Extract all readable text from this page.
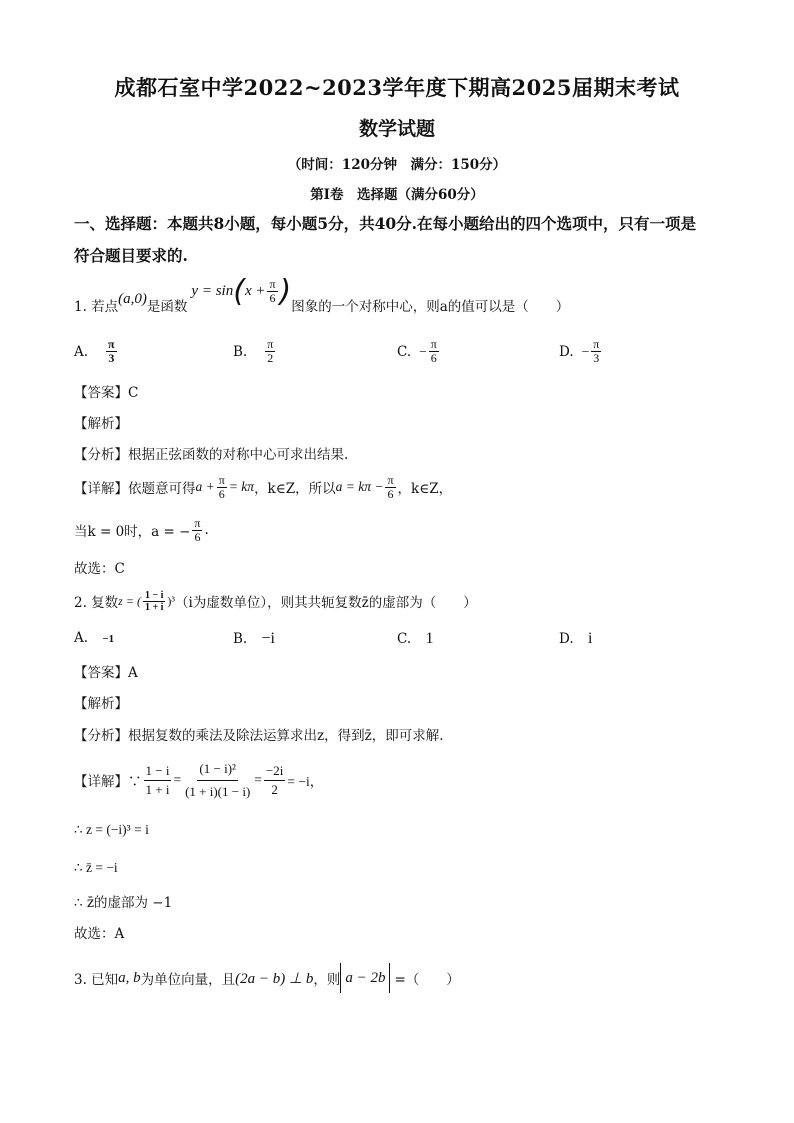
成都石室中学2022~2023学年度下期高2025届期末考试
数学试题
（时间：120分钟　满分：150分）
第Ⅰ卷　选择题（满分60分）
一、选择题：本题共8小题，每小题5分，共40分.在每小题给出的四个选项中，只有一项是
符合题目要求的.
1. 若点
(a,0)
是函数
y = sin ( $x + \frac{\pi}{6}$ ) 图象的一个对称中心，则a的值可以是（　　）
A. $\frac{\pi}{3}$	B. $\frac{\pi}{2}$	C. − $\frac{\pi}{6}$	D. − $\frac{\pi}{3}$
【答案】C
【解析】
【分析】根据正弦函数的对称中心可求出结果.
【详解】依题意可得 $a + \frac{\pi}{6} = k\pi$ ，k∈Z，所以 $a = k\pi - \frac{\pi}{6}$ ，k∈Z，
当k = 0时，a = − $\frac{\pi}{6}$ .
故选：C
2. 复数 z = ( $\frac{1 - i}{1 + i} )^3$ （i为虚数单位），则其共轭复数z̄的虚部为（　　）
A. −1	B. −i	C. 1	D. i
【答案】A
【解析】
【分析】根据复数的乘法及除法运算求出z，得到z̄，即可求解.
【详解】∵ $\frac{1 - i}{1 + i} = \frac{\text{(1 − i)²}}{(1 + i)(1 - i)} = \frac{-2i}{2} = -i$，
∴ z = (−i)³ = i
∴ z̄ = −i
∴ z̄的虚部为 −1
故选：A
3. 已知 a, b 为单位向量，且 (2a − b) ⊥ b ，则 a − 2b =（　　）
